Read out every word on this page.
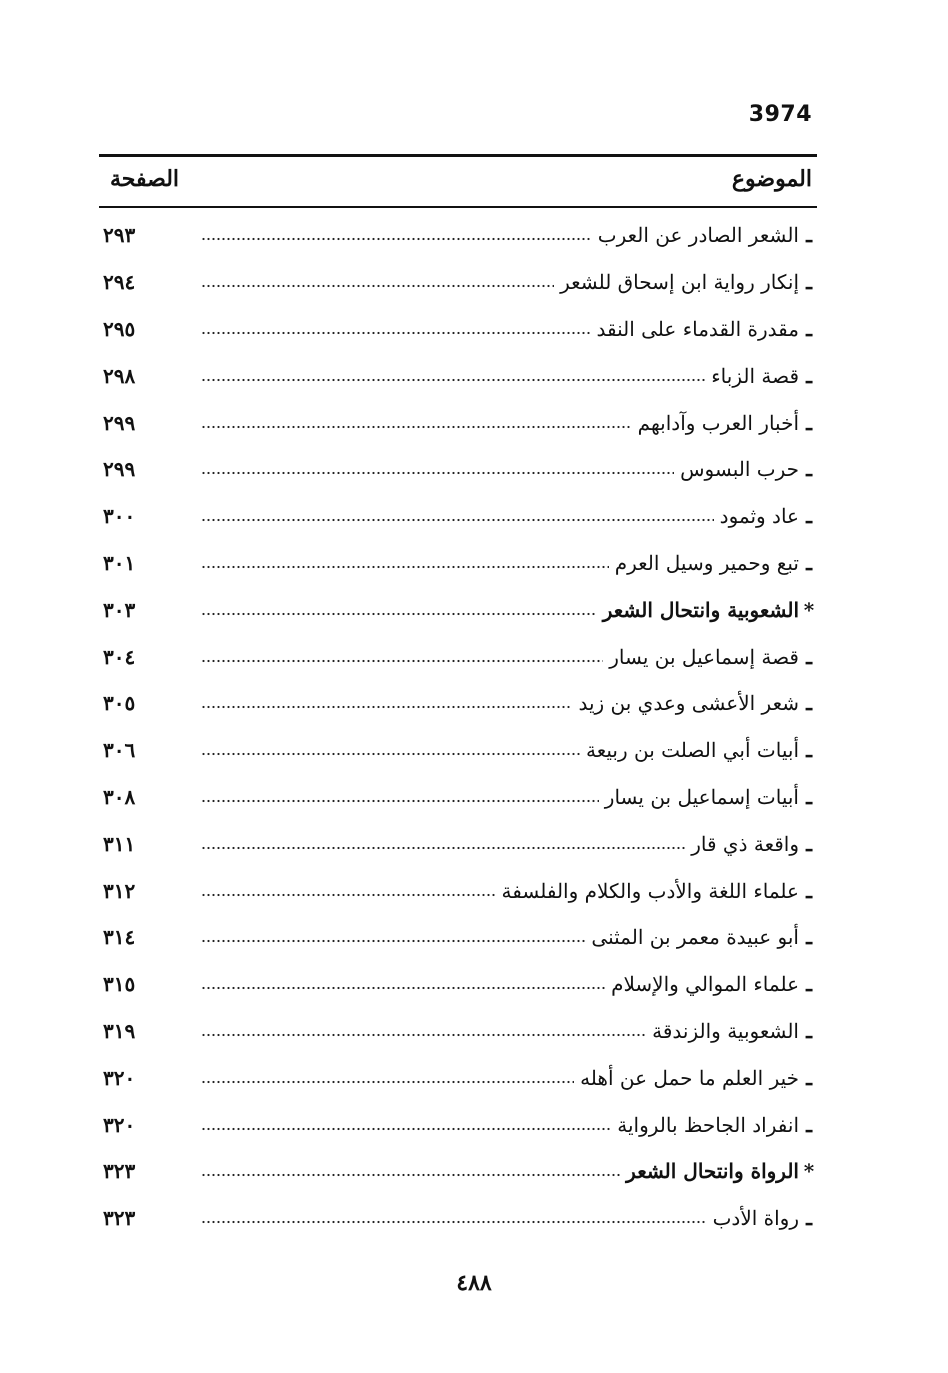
3974
الموضوع
الصفحة
ـ
الشعر الصادر عن العرب
٢٩٣
ـ
إنكار رواية ابن إسحاق للشعر
٢٩٤
ـ
مقدرة القدماء على النقد
٢٩٥
ـ
قصة الزباء
٢٩٨
ـ
أخبار العرب وآدابهم
٢٩٩
ـ
حرب البسوس
٢٩٩
ـ
عاد وثمود
٣٠٠
ـ
تبع وحمير وسيل العرم
٣٠١
*
الشعوبية وانتحال الشعر
٣٠٣
ـ
قصة إسماعيل بن يسار
٣٠٤
ـ
شعر الأعشى وعدي بن زيد
٣٠٥
ـ
أبيات أبي الصلت بن ربيعة
٣٠٦
ـ
أبيات إسماعيل بن يسار
٣٠٨
ـ
واقعة ذي قار
٣١١
ـ
علماء اللغة والأدب والكلام والفلسفة
٣١٢
ـ
أبو عبيدة معمر بن المثنى
٣١٤
ـ
علماء الموالي والإسلام
٣١٥
ـ
الشعوبية والزندقة
٣١٩
ـ
خير العلم ما حمل عن أهله
٣٢٠
ـ
انفراد الجاحظ بالرواية
٣٢٠
*
الرواة وانتحال الشعر
٣٢٣
ـ
رواة الأدب
٣٢٣
٤٨٨
